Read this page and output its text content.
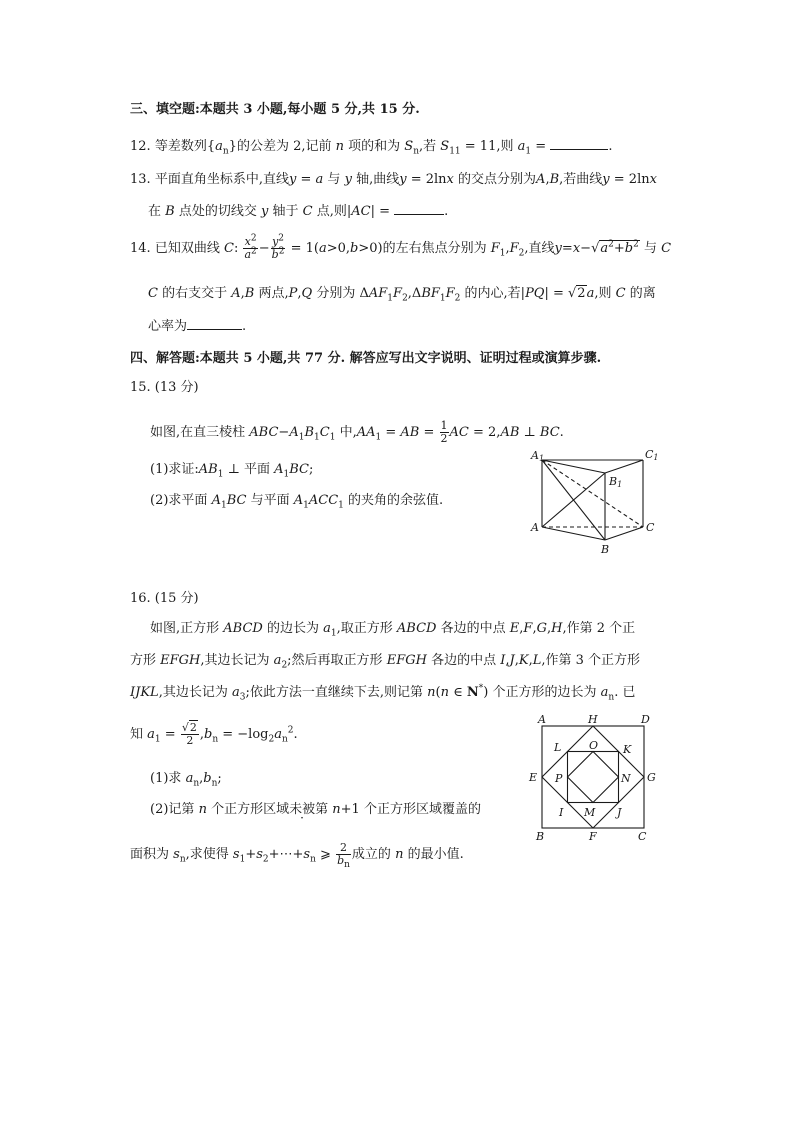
三、填空题:本题共 3 小题,每小题 5 分,共 15 分.
12. 等差数列$\{a_n\}$的公差为 2,记前 n 项的和为 $S_n$,若 $S_{11} = 11$,则 $a_1$ =	.
13. 平面直角坐标系中,直线y = a 与 y 轴,曲线y = 2lnx 的交点分别为A,B,若曲线y = 2lnx
在 B 点处的切线交 y 轴于 C 点,则|AC| =	.
14. 已知双曲线 C: $\frac{x^2}{a^2} - \frac{y^2}{b^2} = 1(a>0,b>0)$的左右焦点分别为 $F_1,F_2$,直线$y=x-√a^2+b^2$ 与 C
C 的右支交于 A,B 两点,P,Q 分别为 $\Delta AF_1F_2,\Delta BF_1F_2$ 的内心,若|PQ| = √2a,则 C 的离
心率为	.
四、解答题:本题共 5 小题,共 77 分. 解答应写出文字说明、证明过程或演算步骤.
15. (13 分)
如图,在直三棱柱 $ABC-A_1B_1C_1$ 中$,AA_1$ = AB = $\frac{1}{2}$ AC = 2,AB ⊥ BC.
(1)求证$:AB_1$ ⊥ 平面 $A_1BC$;
(2)求平面 $A_1BC$ 与平面 $A_1ACC_1$ 的夹角的余弦值.
A1	C1
B1
A	C
B
16. (15 分)
如图,正方形 ABCD 的边长为 $a_1$,取正方形 ABCD 各边的中点 E,F,G,H,作第 2 个正
方形 EFGH,其边长记为 $a_2$;然后再取正方形 EFGH 各边的中点 I,J,K,L,作第 3 个正方形
IJKL,其边长记为 $a_3$;依此方法一直继续下去,则记第 n(n ∈ N*) 个正方形的边长为 $a_n$. 已
知 $a_1 = \frac{√2}{2} ,b_n = -\log_2a_n^2$.
(1)求 $a_n,b_n$;
(2)记第 n 个正方形区域未被第 n+1 个正方形区域覆盖的
面积为 $s_n$,求使得 $s_1+s_2+\cdots+s_n$ ⩾ $\frac{2}{b_n}$ 成立的 n 的最小值.
A	H	D
L	O K
E P	N G
I M J
B	F	C
